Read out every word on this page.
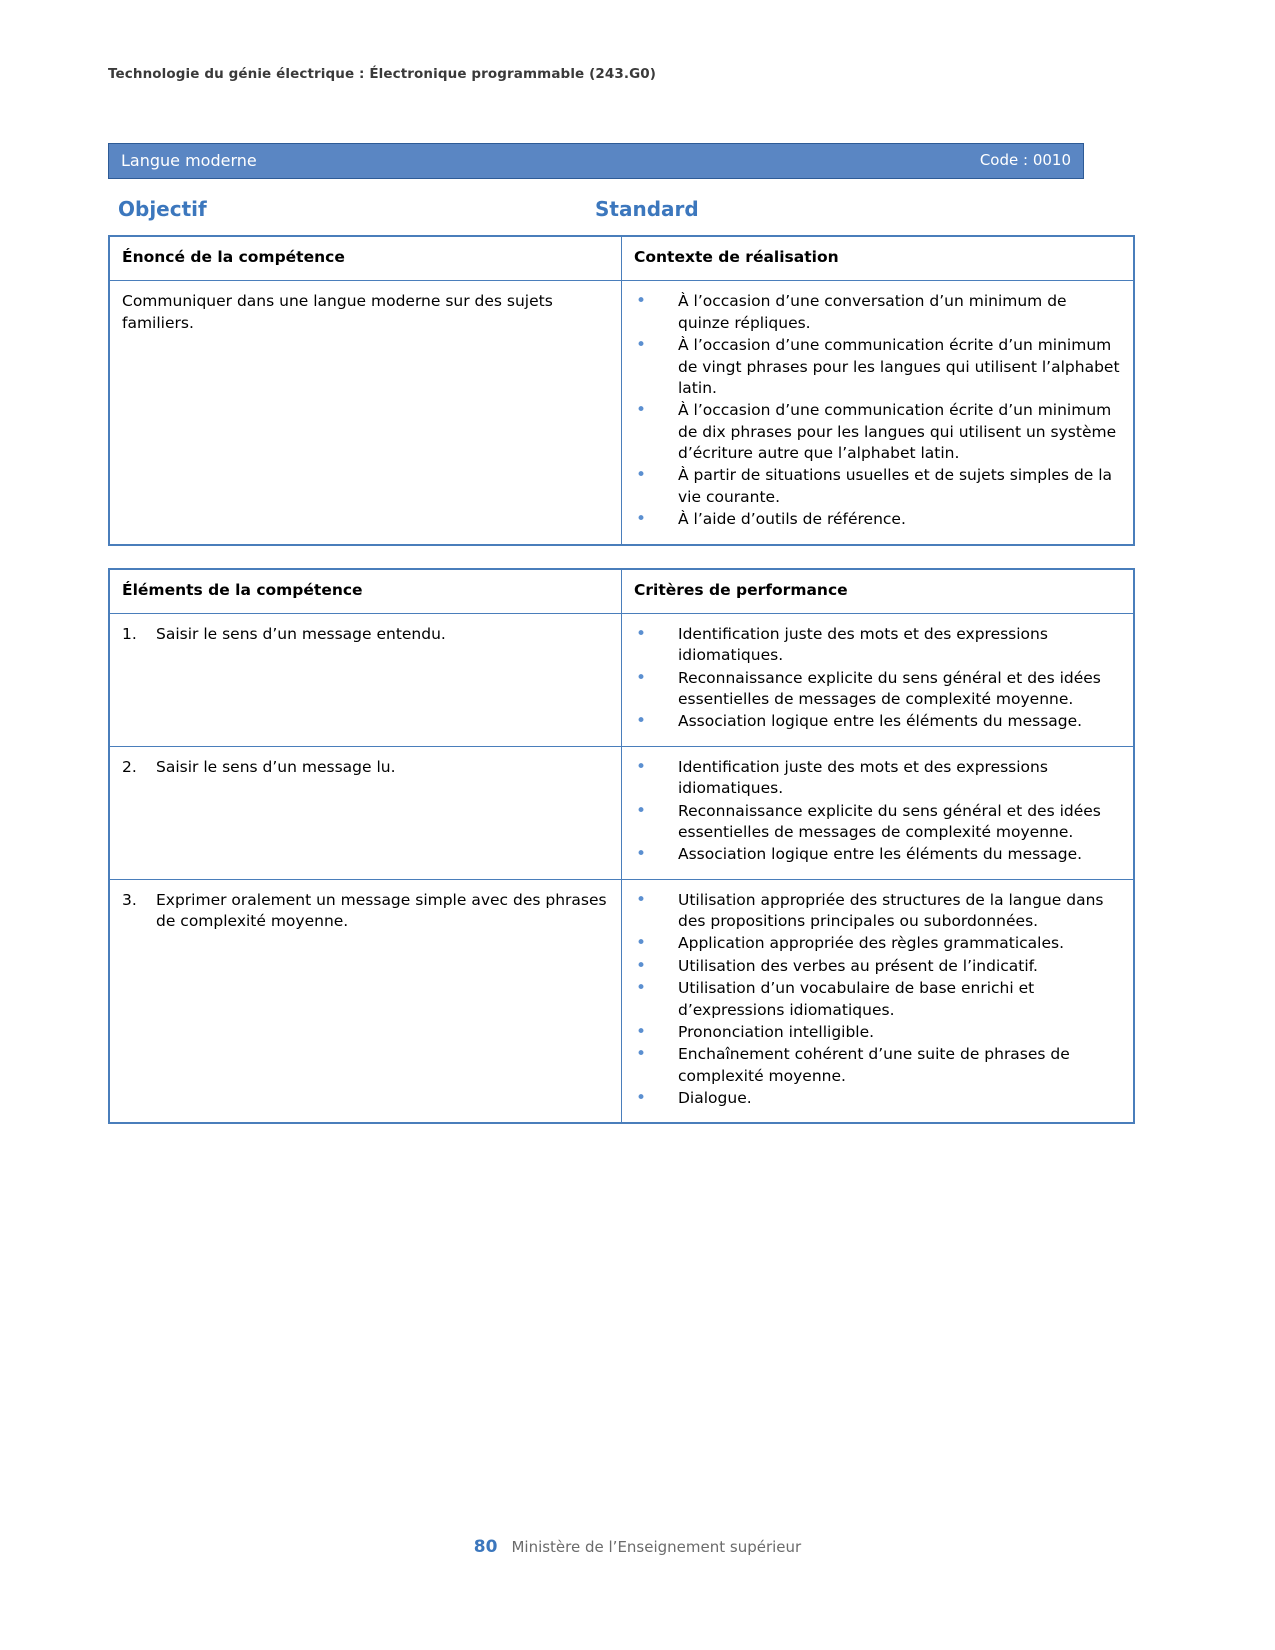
Technologie du génie électrique : Électronique programmable (243.G0)
Langue moderne	Code : 0010
Objectif	Standard
Énoncé de la compétence	Contexte de réalisation
Communiquer dans une langue moderne sur des sujets familiers.	
• À l’occasion d’une conversation d’un minimum de quinze répliques.
• À l’occasion d’une communication écrite d’un minimum de vingt phrases pour les langues qui utilisent l’alphabet latin.
• À l’occasion d’une communication écrite d’un minimum de dix phrases pour les langues qui utilisent un système d’écriture autre que l’alphabet latin.
• À partir de situations usuelles et de sujets simples de la vie courante.
• À l’aide d’outils de référence.
Éléments de la compétence	Critères de performance

1. Saisir le sens d’un message entendu.

•Identification juste des mots et des expressions idiomatiques.
• Reconnaissance explicite du sens général et des idées essentielles de messages de complexité moyenne.
• Association logique entre les éléments du message.

2. Saisir le sens d’un message lu.

•Identification juste des mots et des expressions idiomatiques.
• Reconnaissance explicite du sens général et des idées essentielles de messages de complexité moyenne.
• Association logique entre les éléments du message.

3. Exprimer oralement un message simple avec des phrases de complexité moyenne.

• Utilisation appropriée des structures de la langue dans des propositions principales ou subordonnées.
• Application appropriée des règles grammaticales.
• Utilisation des verbes au présent de l’indicatif.
• Utilisation d’un vocabulaire de base enrichi et d’expressions idiomatiques.
• Prononciation intelligible.
• Enchaînement cohérent d’une suite de phrases de complexité moyenne.
• Dialogue.
80 Ministère de l’Enseignement supérieur
